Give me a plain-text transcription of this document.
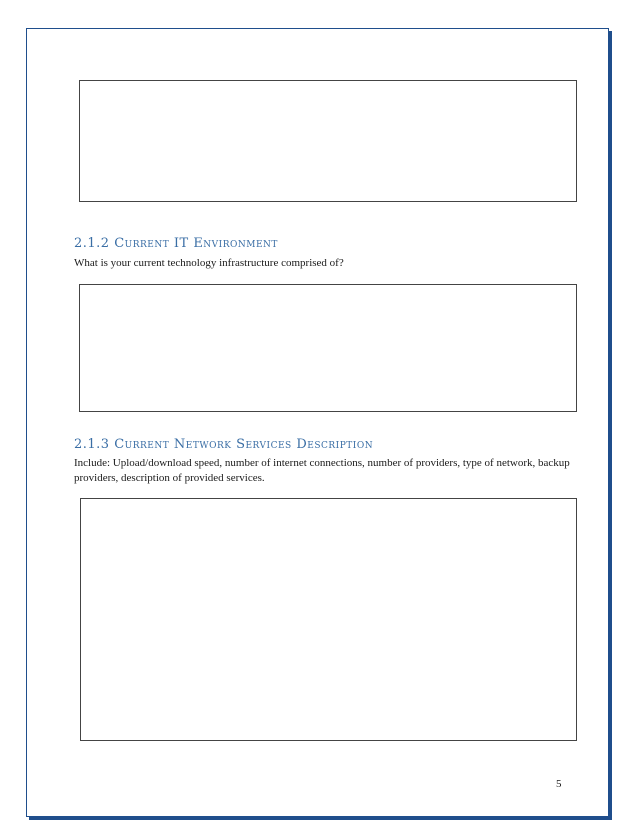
2.1.2 Current IT Environment

What is your current technology infrastructure comprised of?

2.1.3 Current Network Services Description

Include: Upload/download speed, number of internet connections, number of providers, type of network, backup providers, description of provided services.

5
